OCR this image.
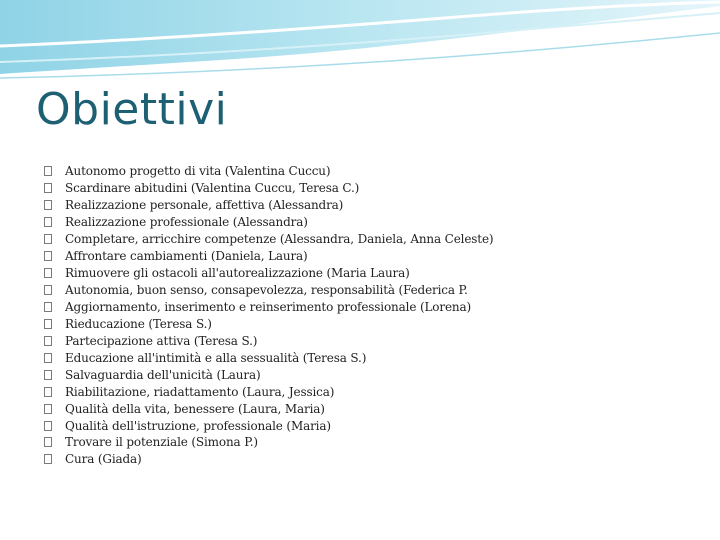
Obiettivi
Autonomo progetto di vita (Valentina Cuccu)
Scardinare abitudini (Valentina Cuccu, Teresa C.)
Realizzazione personale, affettiva (Alessandra)
Realizzazione professionale (Alessandra)
Completare, arricchire competenze (Alessandra, Daniela, Anna Celeste)
Affrontare cambiamenti (Daniela, Laura)
Rimuovere gli ostacoli all'autorealizzazione (Maria Laura)
Autonomia, buon senso, consapevolezza, responsabilità (Federica P.
Aggiornamento, inserimento e reinserimento professionale (Lorena)
Rieducazione (Teresa S.)
Partecipazione attiva (Teresa S.)
Educazione all'intimità e alla sessualità (Teresa S.)
Salvaguardia dell'unicità (Laura)
Riabilitazione, riadattamento (Laura, Jessica)
Qualità della vita, benessere (Laura, Maria)
Qualità dell'istruzione, professionale (Maria)
Trovare il potenziale (Simona P.)
Cura (Giada)
